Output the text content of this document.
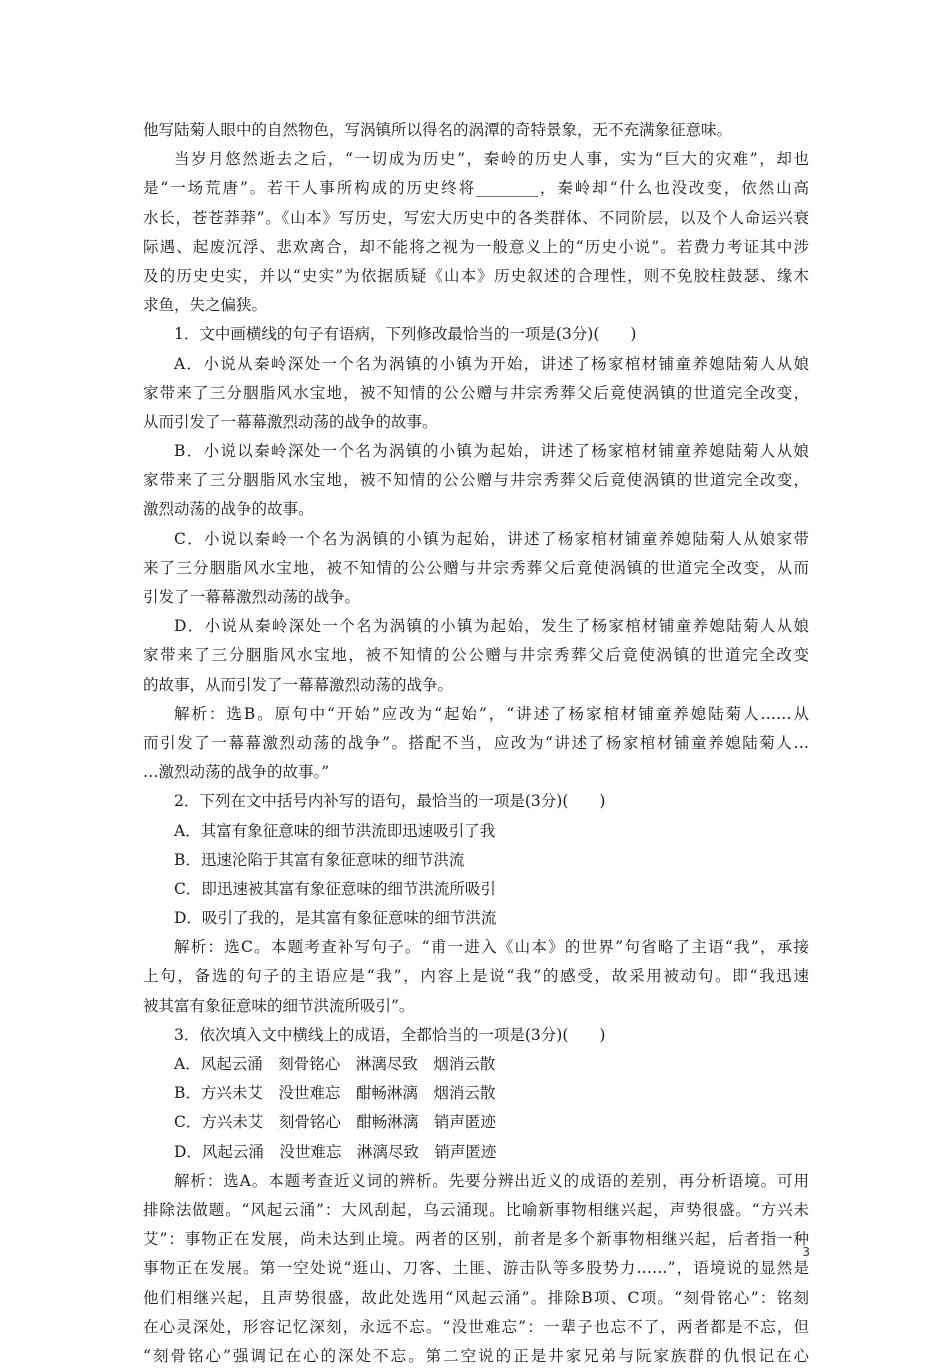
他写陆菊人眼中的自然物色，写涡镇所以得名的涡潭的奇特景象，无不充满象征意味。
当岁月悠然逝去之后，“一切成为历史”，秦岭的历史人事，实为“巨大的灾难”，却也
是“一场荒唐”。若干人事所构成的历史终将________，秦岭却“什么也没改变，依然山高
水长，苍苍莽莽”。《山本》写历史，写宏大历史中的各类群体、不同阶层，以及个人命运兴衰
际遇、起废沉浮、悲欢离合，却不能将之视为一般意义上的“历史小说”。若费力考证其中涉
及的历史史实，并以“史实”为依据质疑《山本》历史叙述的合理性，则不免胶柱鼓瑟、缘木
求鱼，失之偏狭。
1．文中画横线的句子有语病，下列修改最恰当的一项是(3分)(　　)
A．小说从秦岭深处一个名为涡镇的小镇为开始，讲述了杨家棺材铺童养媳陆菊人从娘
家带来了三分胭脂风水宝地，被不知情的公公赠与井宗秀葬父后竟使涡镇的世道完全改变，
从而引发了一幕幕激烈动荡的战争的故事。
B．小说以秦岭深处一个名为涡镇的小镇为起始，讲述了杨家棺材铺童养媳陆菊人从娘
家带来了三分胭脂风水宝地，被不知情的公公赠与井宗秀葬父后竟使涡镇的世道完全改变，
激烈动荡的战争的故事。
C．小说以秦岭一个名为涡镇的小镇为起始，讲述了杨家棺材铺童养媳陆菊人从娘家带
来了三分胭脂风水宝地，被不知情的公公赠与井宗秀葬父后竟使涡镇的世道完全改变，从而
引发了一幕幕激烈动荡的战争。
D．小说从秦岭深处一个名为涡镇的小镇为起始，发生了杨家棺材铺童养媳陆菊人从娘
家带来了三分胭脂风水宝地，被不知情的公公赠与井宗秀葬父后竟使涡镇的世道完全改变
的故事，从而引发了一幕幕激烈动荡的战争。
解析：选B。原句中“开始”应改为“起始”，“讲述了杨家棺材铺童养媳陆菊人……从
而引发了一幕幕激烈动荡的战争”。搭配不当，应改为“讲述了杨家棺材铺童养媳陆菊人…
…激烈动荡的战争的故事。”
2．下列在文中括号内补写的语句，最恰当的一项是(3分)(　　)
A．其富有象征意味的细节洪流即迅速吸引了我
B．迅速沦陷于其富有象征意味的细节洪流
C．即迅速被其富有象征意味的细节洪流所吸引
D．吸引了我的，是其富有象征意味的细节洪流
解析：选C。本题考查补写句子。“甫一进入《山本》的世界”句省略了主语“我”，承接
上句，备选的句子的主语应是“我”，内容上是说“我”的感受，故采用被动句。即“我迅速
被其富有象征意味的细节洪流所吸引”。
3．依次填入文中横线上的成语，全都恰当的一项是(3分)(　　)
A．风起云涌　刻骨铭心　淋漓尽致　烟消云散
B．方兴未艾　没世难忘　酣畅淋漓　烟消云散
C．方兴未艾　刻骨铭心　酣畅淋漓　销声匿迹
D．风起云涌　没世难忘　淋漓尽致　销声匿迹
解析：选A。本题考查近义词的辨析。先要分辨出近义的成语的差别，再分析语境。可用
排除法做题。“风起云涌”：大风刮起，乌云涌现。比喻新事物相继兴起，声势很盛。“方兴未
艾”：事物正在发展，尚未达到止境。两者的区别，前者是多个新事物相继兴起，后者指一种
事物正在发展。第一空处说“逛山、刀客、土匪、游击队等多股势力……”，语境说的显然是
他们相继兴起，且声势很盛，故此处选用“风起云涌”。排除B项、C项。“刻骨铭心”：铭刻
在心灵深处，形容记忆深刻，永远不忘。“没世难忘”：一辈子也忘不了，两者都是不忘，但
“刻骨铭心”强调记在心的深处不忘。第二空说的正是井家兄弟与阮家族群的仇恨记在心
3
